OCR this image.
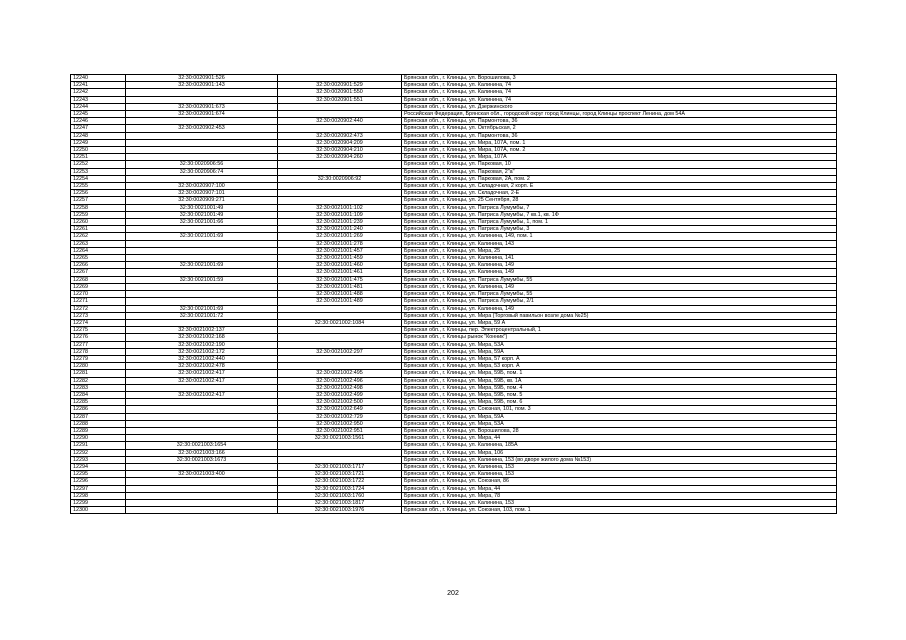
12240	32:30:0020901:526		Брянская обл., г. Клинцы, ул. Ворошилова, 3
12241	32:30:0020901:143	32:30:0020901:529	Брянская обл., г. Клинцы, ул. Калинина, 74
12242		32:30:0020901:550	Брянская обл., г. Клинцы, ул. Калинина, 74
12243		32:30:0020901:551	Брянская обл., г. Клинцы, ул. Калинина, 74
12244	32:30:0020901:673		Брянская обл., г. Клинцы, ул. Дзержинского
12245	32:30:0020901:674		Российская Федерация, Брянская обл., городской округ город Клинцы, город Клинцы проспект Ленина, дом 54А
12246		32:30:0020902:440	Брянская обл., г. Клинцы, ул. Пармонтова, 36
12247	32:30:0020902:453		Брянская обл., г. Клинцы, ул. Октябрьская, 2
12248		32:30:0020902:473	Брянская обл., г. Клинцы, ул. Пармонтова, 36
12249		32:30:0020904:209	Брянская обл., г. Клинцы, ул. Мира, 107А, пом. 1
12250		32:30:0020904:210	Брянская обл., г. Клинцы, ул. Мира, 107А, пом. 2
12251		32:30:0020904:260	Брянская обл., г. Клинцы, ул. Мира, 107А
12252	32:30:0020906:56		Брянская обл., г. Клинцы, ул. Парковая, 10
12253	32:30:0020906:74		Брянская обл., г. Клинцы, ул. Парковая, 2"а"
12254		32:30:0020906:92	Брянская обл., г. Клинцы, ул. Парковая, 2А, пом. 2
12255	32:30:0020907:100		Брянская обл., г. Клинцы, ул. Складочная, 2 корп. Е
12256	32:30:0020907:101		Брянская обл., г. Клинцы, ул. Складочная, 2-Е
12257	32:30:0020909:271		Брянская обл., г. Клинцы, ул. 25 Сентября, 28
12258	32:30:0021001:49	32:30:0021001:102	Брянская обл., г. Клинцы, ул. Патриса Лумумбы, 7
12259	32:30:0021001:49	32:30:0021001:109	Брянская обл., г. Клинцы, ул. Патриса Лумумбы, 7 кв.1, кв. 1Ф
12260	32:30:0021001:66	32:30:0021001:239	Брянская обл., г. Клинцы, ул. Патриса Лумумбы, 1, пом. 1
12261		32:30:0021001:240	Брянская обл., г. Клинцы, ул. Патриса Лумумбы, 3
12262	32:30:0021001:69	32:30:0021001:269	Брянская обл., г. Клинцы, ул. Калинина, 149, пом. 1
12263		32:30:0021001:278	Брянская обл., г. Клинцы, ул. Калинина, 143
12264		32:30:0021001:457	Брянская обл., г. Клинцы, ул. Мира, 25
12265		32:30:0021001:459	Брянская обл., г. Клинцы, ул. Калинина, 141
12266	32:30:0021001:69	32:30:0021001:460	Брянская обл., г. Клинцы, ул. Калинина, 149
12267		32:30:0021001:461	Брянская обл., г. Клинцы, ул. Калинина, 149
12268	32:30:0021001:59	32:30:0021001:475	Брянская обл., г. Клинцы, ул. Патриса Лумумбы, 55
12269		32:30:0021001:481	Брянская обл., г. Клинцы, ул. Калинина, 149
12270		32:30:0021001:488	Брянская обл., г. Клинцы, ул. Патриса Лумумбы, 55
12271		32:30:0021001:489	Брянская обл., г. Клинцы, ул. Патриса Лумумбы, 2/1
12272	32:30:0021001:69		Брянская обл., г. Клинцы, ул. Калинина, 149
12273	32:30:0021001:72		Брянская обл., г. Клинцы, ул. Мира (Торговый павильон возле дома №25)
12274		32:30:0021002:1084	Брянская обл., г. Клинцы, ул. Мира, 59 А
12275	32:30:0021002:137		Брянская обл., г. Клинцы, пер. Электроцентральный, 1
12276	32:30:0021002:168		Брянская обл., г. Клинцы рынок "Конник")
12277	32:30:0021002:190		Брянская обл., г. Клинцы, ул. Мира, 53А
12278	32:30:0021002:172	32:30:0021002:297	Брянская обл., г. Клинцы, ул. Мира, 59А
12279	32:30:0021002:440		Брянская обл., г. Клинцы, ул. Мира, 57 корп. А
12280	32:30:0021002:478		Брянская обл., г. Клинцы, ул. Мира, 53 корп. А
12281	32:30:0021002:417	32:30:0021002:495	Брянская обл., г. Клинцы, ул. Мира, 59Б, пом. 1
12282	32:30:0021002:417	32:30:0021002:496	Брянская обл., г. Клинцы, ул. Мира, 59Б, кв. 1А
12283		32:30:0021002:498	Брянская обл., г. Клинцы, ул. Мира, 59Б, пом. 4
12284	32:30:0021002:417	32:30:0021002:499	Брянская обл., г. Клинцы, ул. Мира, 59Б, пом. 5
12285		32:30:0021002:500	Брянская обл., г. Клинцы, ул. Мира, 59Б, пом. 6
12286		32:30:0021002:649	Брянская обл., г. Клинцы, ул. Союзная, 101, пом. 3
12287		32:30:0021002:729	Брянская обл., г. Клинцы, ул. Мира, 59А
12288		32:30:0021002:950	Брянская обл., г. Клинцы, ул. Мира, 53А
12289		32:30:0021002:951	Брянская обл., г. Клинцы, ул. Ворошилова, 28
12290		32:30:0021003:1561	Брянская обл., г. Клинцы, ул. Мира, 44
12291	32:30:0021003:1654		Брянская обл., г. Клинцы, ул. Калинина, 185А
12292	32:30:0021003:166		Брянская обл., г. Клинцы, ул. Мира, 106
12293	32:30:0021003:1673		Брянская обл., г. Клинцы, ул. Калинина, 153 (во дворе жилого дома №153)
12294		32:30:0021003:1717	Брянская обл., г. Клинцы, ул. Калинина, 153
12295	32:30:0021003:400	32:30:0021003:1721	Брянская обл., г. Клинцы, ул. Калинина, 153
12296		32:30:0021003:1722	Брянская обл., г. Клинцы, ул. Союзная, 86
12297		32:30:0021003:1724	Брянская обл., г. Клинцы, ул. Мира, 44
12298		32:30:0021003:1760	Брянская обл., г. Клинцы, ул. Мира, 78
12299		32:30:0021003:1817	Брянская обл., г. Клинцы, ул. Калинина, 153
12300		32:30:0021003:1976	Брянская обл., г. Клинцы, ул. Союзная, 103, пом. 1
202
